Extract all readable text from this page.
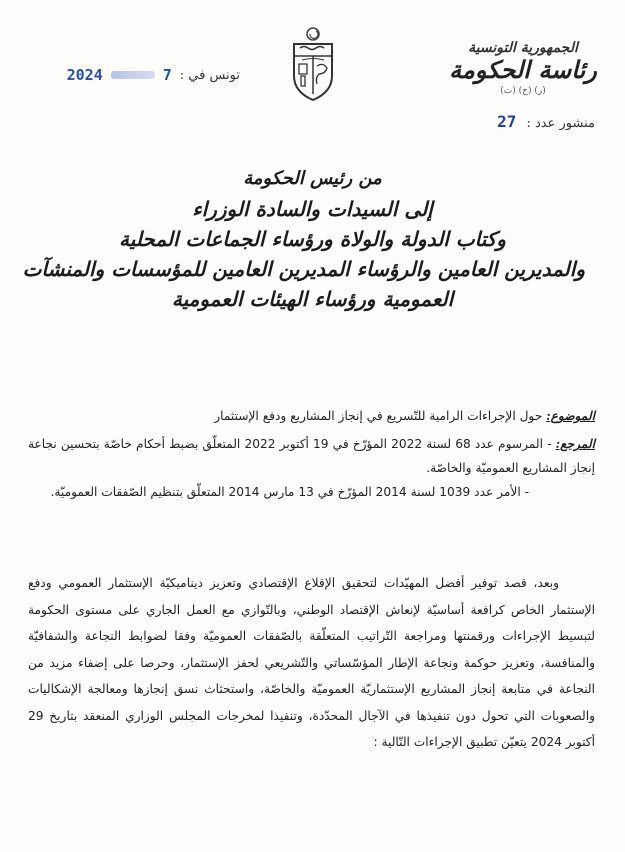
الجمهورية التونسية
رئاسة الحكومة
(ر) (ح) (ت)
منشور عدد : 27
تونس في :
7
2024
من رئيس الحكومة
إلى السيدات والسادة الوزراء
وكتاب الدولة والولاة ورؤساء الجماعات المحلية
والمديرين العامين والرؤساء المديرين العامين للمؤسسات والمنشآت
العمومية ورؤساء الهيئات العمومية
الموضوع: حول الإجراءات الرامية للتّسريع في إنجاز المشاريع ودفع الإستثمار
المرجع: - المرسوم عدد 68 لسنة 2022 المؤرّخ في 19 أكتوبر 2022 المتعلّق بضبط أحكام خاصّة بتحسين نجاعة إنجاز المشاريع العموميّة والخاصّة.
- الأمر عدد 1039 لسنة 2014 المؤرّخ في 13 مارس 2014 المتعلّق بتنظيم الصّفقات العموميّة.
وبعد، قصد توفير أفضل المهيّدات لتحقيق الإقلاع الإقتصادي وتعزيز ديناميكيّة الإستثمار العمومي ودفع الإستثمار الخاص كرافعة أساسيّة لإنعاش الإقتصاد الوطني، وبالتّوازي مع العمل الجاري على مستوى الحكومة لتبسيط الإجراءات ورقمنتها ومراجعة التّراتيب المتعلّقة بالصّفقات العموميّة وفقا لضوابط النجاعة والشفافيّة والمنافسة، وتعزيز حوكمة ونجاعة الإطار المؤسّساتي والتّشريعي لحفز الإستثمار، وحرصا على إضفاء مزيد من النجاعة في متابعة إنجاز المشاريع الإستثماريّة العموميّة والخاصّة، واستحثاث نسق إنجازها ومعالجة الإشكاليات والصعوبات التي تحول دون تنفيذها في الآجال المحدّدة، وتنفيذا لمخرجات المجلس الوزاري المنعقد بتاريخ 29 أكتوبر 2024 يتعيّن تطبيق الإجراءات التّالية :
